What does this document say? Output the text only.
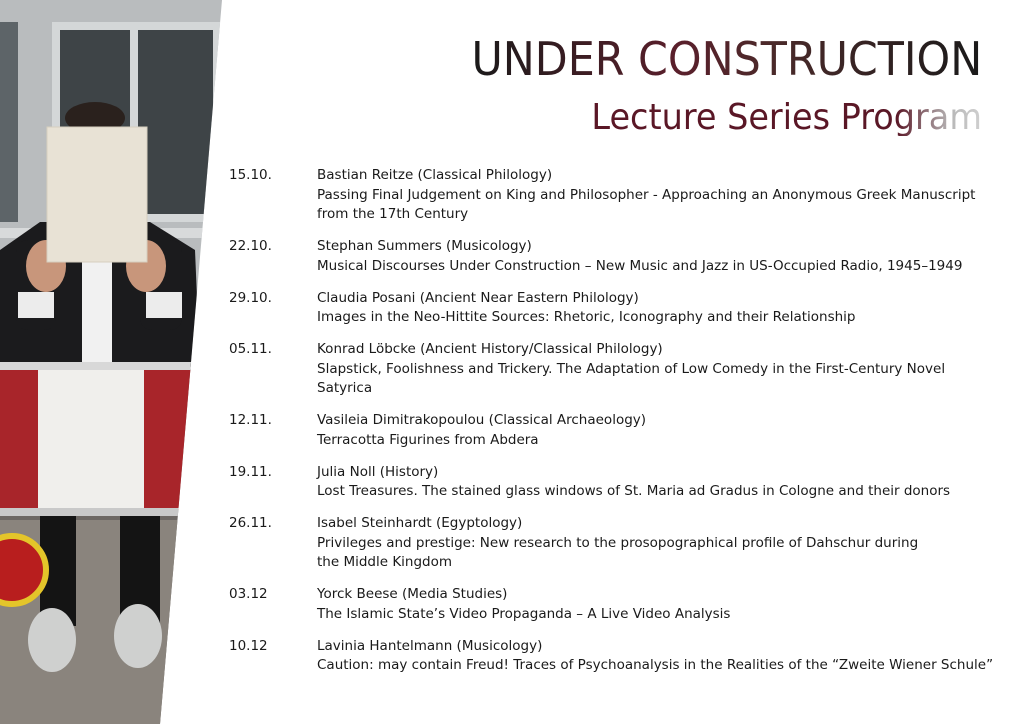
UNDER CONSTRUCTION
Lecture Series Program
15.10.	Bastian Reitze (Classical Philology)
Passing Final Judgement on King and Philosopher - Approaching an Anonymous Greek Manuscript from the 17th Century
22.10.	Stephan Summers (Musicology)
Musical Discourses Under Construction – New Music and Jazz in US-Occupied Radio, 1945–1949
29.10.	Claudia Posani (Ancient Near Eastern Philology)
Images in the Neo-Hittite Sources: Rhetoric, Iconography and their Relationship
05.11.	Konrad Löbcke (Ancient History/Classical Philology)
Slapstick, Foolishness and Trickery. The Adaptation of Low Comedy in the First-Century Novel Satyrica
12.11.	Vasileia Dimitrakopoulou (Classical Archaeology)
Terracotta Figurines from Abdera
19.11.	Julia Noll (History)
Lost Treasures. The stained glass windows of St. Maria ad Gradus in Cologne and their donors
26.11.	Isabel Steinhardt (Egyptology)
Privileges and prestige: New research to the prosopographical profile of Dahschur during the Middle Kingdom
03.12	Yorck Beese (Media Studies)
The Islamic State’s Video Propaganda – A Live Video Analysis
10.12	Lavinia Hantelmann (Musicology)
Caution: may contain Freud! Traces of Psychoanalysis in the Realities of the “Zweite Wiener Schule”
